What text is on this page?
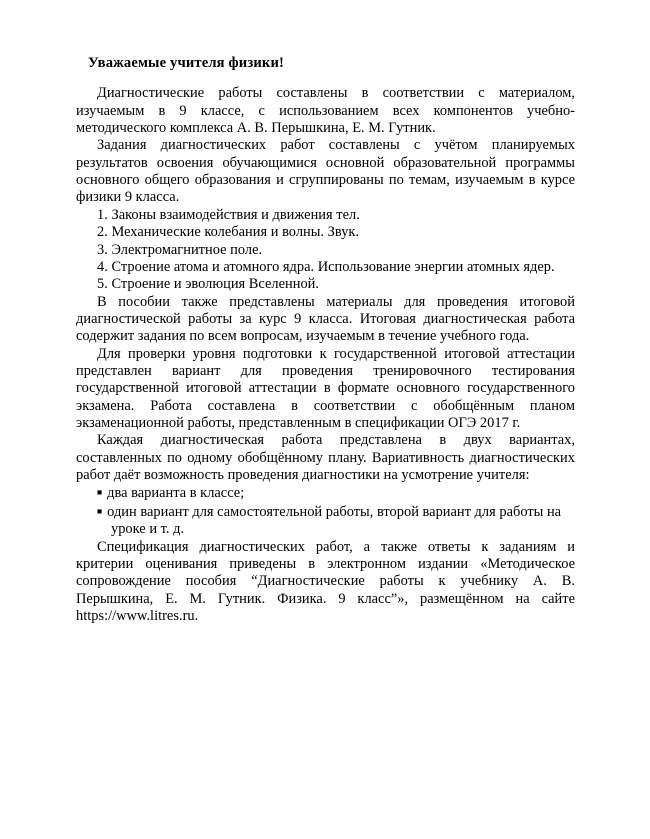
Уважаемые учителя физики!

Диагностические работы составлены в соответствии с материалом, изучаемым в 9 классе, с использованием всех компонентов учебно-методического комплекса А. В. Перышкина, Е. М. Гутник.

Задания диагностических работ составлены с учётом планируемых результатов освоения обучающимися основной образовательной программы основного общего образования и сгруппированы по темам, изучаемым в курсе физики 9 класса.

1. Законы взаимодействия и движения тел.
2. Механические колебания и волны. Звук.
3. Электромагнитное поле.
4. Строение атома и атомного ядра. Использование энергии атомных ядер.
5. Строение и эволюция Вселенной.

В пособии также представлены материалы для проведения итоговой диагностической работы за курс 9 класса. Итоговая диагностическая работа содержит задания по всем вопросам, изучаемым в течение учебного года.

Для проверки уровня подготовки к государственной итоговой аттестации представлен вариант для проведения тренировочного тестирования государственной итоговой аттестации в формате основного государственного экзамена. Работа составлена в соответствии с обобщённым планом экзаменационной работы, представленным в спецификации ОГЭ 2017 г.

Каждая диагностическая работа представлена в двух вариантах, составленных по одному обобщённому плану. Вариативность диагностических работ даёт возможность проведения диагностики на усмотрение учителя:

■ два варианта в классе;
■ один вариант для самостоятельной работы, второй вариант для работы на уроке и т. д.

Спецификация диагностических работ, а также ответы к заданиям и критерии оценивания приведены в электронном издании «Методическое сопровождение пособия “Диагностические работы к учебнику А. В. Перышкина, Е. М. Гутник. Физика. 9 класс”», размещённом на сайте https://www.litres.ru.
